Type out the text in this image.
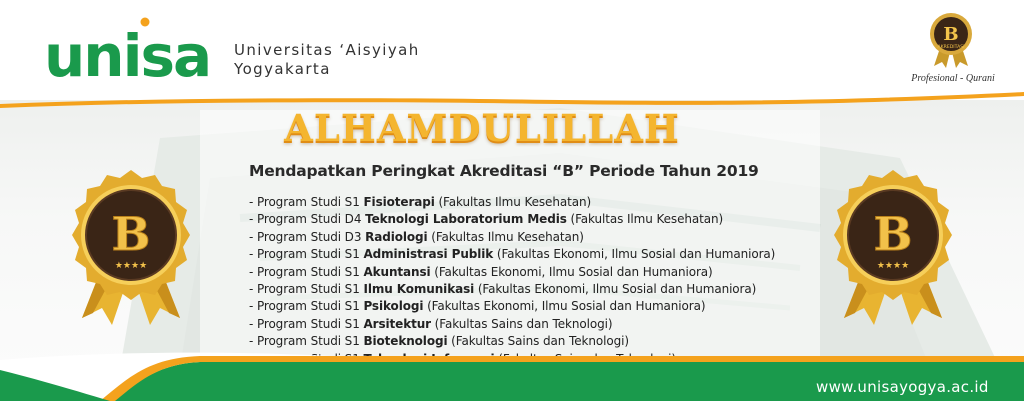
unisa Universitas ‘Aisyiyah
Yogyakarta
B
AKREDITASI
Profesional - Qurani
ALHAMDULILLAH
Mendapatkan Peringkat Akreditasi “B” Periode Tahun 2019
- Program Studi S1 Fisioterapi (Fakultas Ilmu Kesehatan)
- Program Studi D4 Teknologi Laboratorium Medis (Fakultas Ilmu Kesehatan)
- Program Studi D3 Radiologi (Fakultas Ilmu Kesehatan)
- Program Studi S1 Administrasi Publik (Fakultas Ekonomi, Ilmu Sosial dan Humaniora)
- Program Studi S1 Akuntansi (Fakultas Ekonomi, Ilmu Sosial dan Humaniora)
- Program Studi S1 Ilmu Komunikasi (Fakultas Ekonomi, Ilmu Sosial dan Humaniora)
- Program Studi S1 Psikologi (Fakultas Ekonomi, Ilmu Sosial dan Humaniora)
- Program Studi S1 Arsitektur (Fakultas Sains dan Teknologi)
- Program Studi S1 Bioteknologi (Fakultas Sains dan Teknologi)
B
★★★★
B
★★★★
www.unisayogya.ac.id
